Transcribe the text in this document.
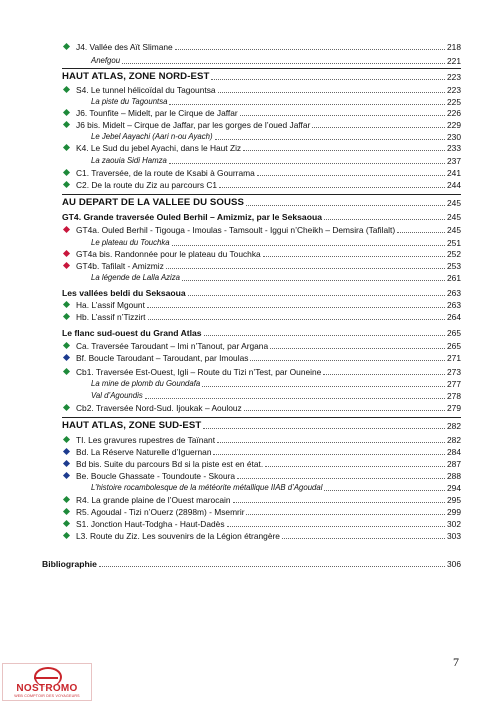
J4. Vallée des Aït Slimane	218
Anefgou	221
HAUT ATLAS, ZONE NORD-EST	223
S4. Le tunnel hélicoïdal du Tagountsa	223
La piste du Tagountsa	225
J6. Tounfite – Midelt, par le Cirque de Jaffar	226
J6 bis. Midelt – Cirque de Jaffar, par les gorges de l’oued Jaffar	229
Le Jebel Aayachi (Aari n-ou Ayach)	230
K4. Le Sud du jebel Ayachi, dans le Haut Ziz	233
La zaouia Sidi Hamza	237
C1. Traversée, de la route de Ksabi à Gourrama	241
C2. De la route du Ziz au parcours C1	244
AU DEPART DE LA VALLEE DU SOUSS	245
GT4. Grande traversée Ouled Berhil – Amizmiz, par le Seksaoua	245
GT4a. Ouled Berhil - Tigouga - Imoulas - Tamsoult - Iggui n’Cheikh – Demsira (Tafilalt)	245
Le plateau du Touchka	251
GT4a bis. Randonnée pour le plateau du Touchka	252
GT4b. Tafilalt - Amizmiz	253
La légende de Lalla Aziza	261
Les vallées beldi du Seksaoua	263
Ha. L’assif Mgount	263
Hb. L’assif n’Tizzirt	264
Le flanc sud-ouest du Grand Atlas	265
Ca. Traversée Taroudant – Imi n’Tanout, par Argana	265
Bf. Boucle Taroudant – Taroudant, par Imoulas	271
Cb1. Traversée Est-Ouest, Igli – Route du Tizi n’Test, par Ouneine	273
La mine de plomb du Goundafa	277
Val d’Agoundis	278
Cb2. Traversée Nord-Sud. Ijoukak – Aoulouz	279
HAUT ATLAS, ZONE SUD-EST	282
TI. Les gravures rupestres de Taïnant	282
Bd. La Réserve Naturelle d’Iguernan	284
Bd bis. Suite du parcours Bd si la piste est en état.	287
Be. Boucle Ghassate - Toundoute - Skoura	288
L’histoire rocambolesque de la météorite métallique IIAB d’Agoudal	294
R4. La grande plaine de l’Ouest marocain	295
R5. Agoudal - Tizi n’Ouerz (2898m) - Msemrir	299
S1. Jonction Haut-Todgha - Haut-Dadès	302
L3. Route du Ziz. Les souvenirs de la Légion étrangère	303
Bibliographie	306
7
NOSTROMO
WEB COMPTOIR DES VOYAGEURS
